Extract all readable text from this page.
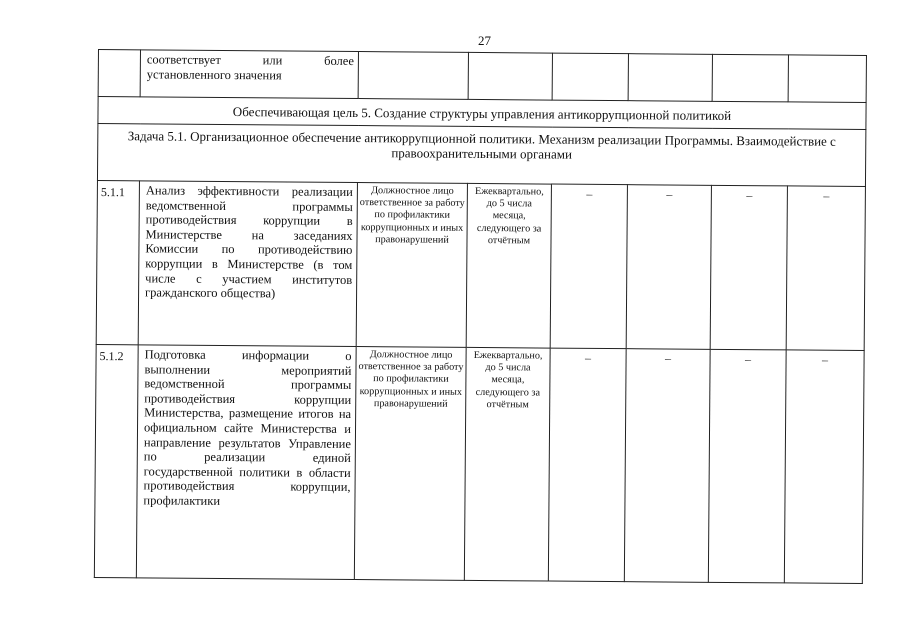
27
	соответствует или более установленного значения						
Обеспечивающая цель 5. Создание структуры управления антикоррупционной политикой							
Задача 5.1. Организационное обеспечение антикоррупционной политики. Механизм реализации Программы. Взаимодействие с правоохранительными органами							
5.1.1	Анализ эффективности реализации ведомственной программы противодействия коррупции в Министерстве на заседаниях Комиссии по противодействию коррупции в Министерстве (в том числе с участием институтов гражданского общества)	Должностное лицо ответственное за работу по профилактики коррупционных и иных правонарушений	Ежеквартально, до 5 числа месяца, следующего за отчётным	–	–	–	–
5.1.2	Подготовка информации о выполнении мероприятий ведомственной программы противодействия коррупции Министерства, размещение итогов на официальном сайте Министерства и направление результатов Управление по реализации единой государственной политики в области противодействия коррупции, профилактики	Должностное лицо ответственное за работу по профилактики коррупционных и иных правонарушений	Ежеквартально, до 5 числа месяца, следующего за отчётным	–	–	–	–
